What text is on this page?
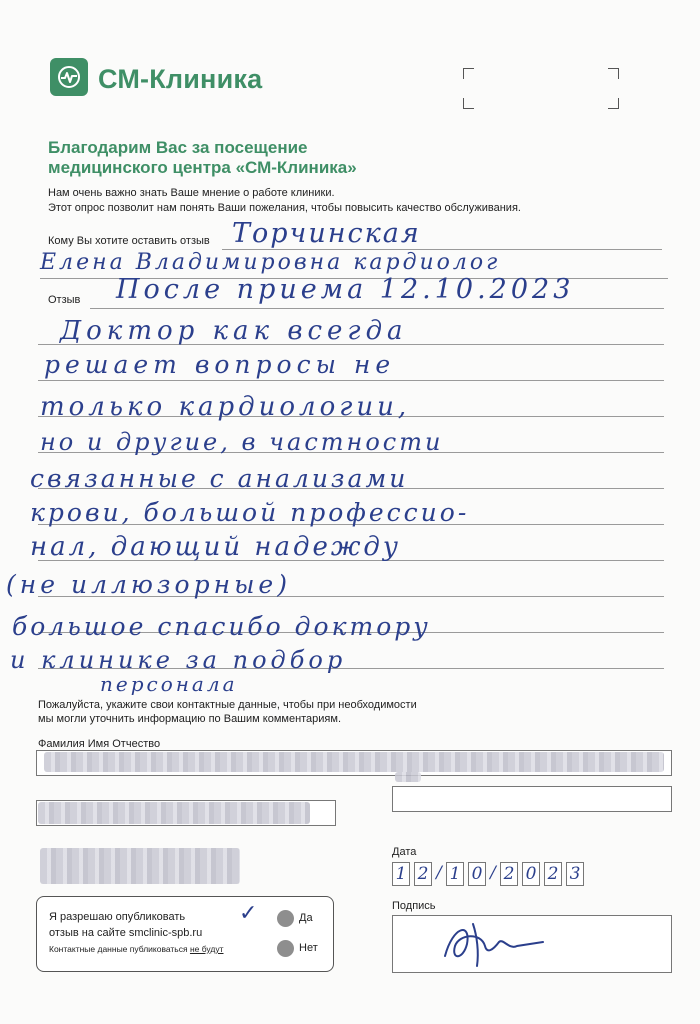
СМ-Клиника
Благодарим Вас за посещение
медицинского центра «СМ-Клиника»
Нам очень важно знать Ваше мнение о работе клиники.
Этот опрос позволит нам понять Ваши пожелания, чтобы повысить качество обслуживания.
Кому Вы хотите оставить отзыв Торчинская
Елена Владимировна кардиолог
Отзыв После приема 12.10.2023
Доктор как всегда
решает вопросы не
только кардиологии,
но и другие, в частности
связанные с анализами
крови, большой профессио-
нал, дающий надежду
(не иллюзорные)
большое спасибо доктору
и клинике за подбор
персонала
Пожалуйста, укажите свои контактные данные, чтобы при необходимости
мы могли уточнить информацию по Вашим комментариям.
Фамилия Имя Отчество
Дата
1 2 / 1 0 / 2 0 2 3
Подпись
Я разрешаю опубликовать
отзыв на сайте smclinic-spb.ru
Контактные данные публиковаться не будут
✓	Да
Нет
